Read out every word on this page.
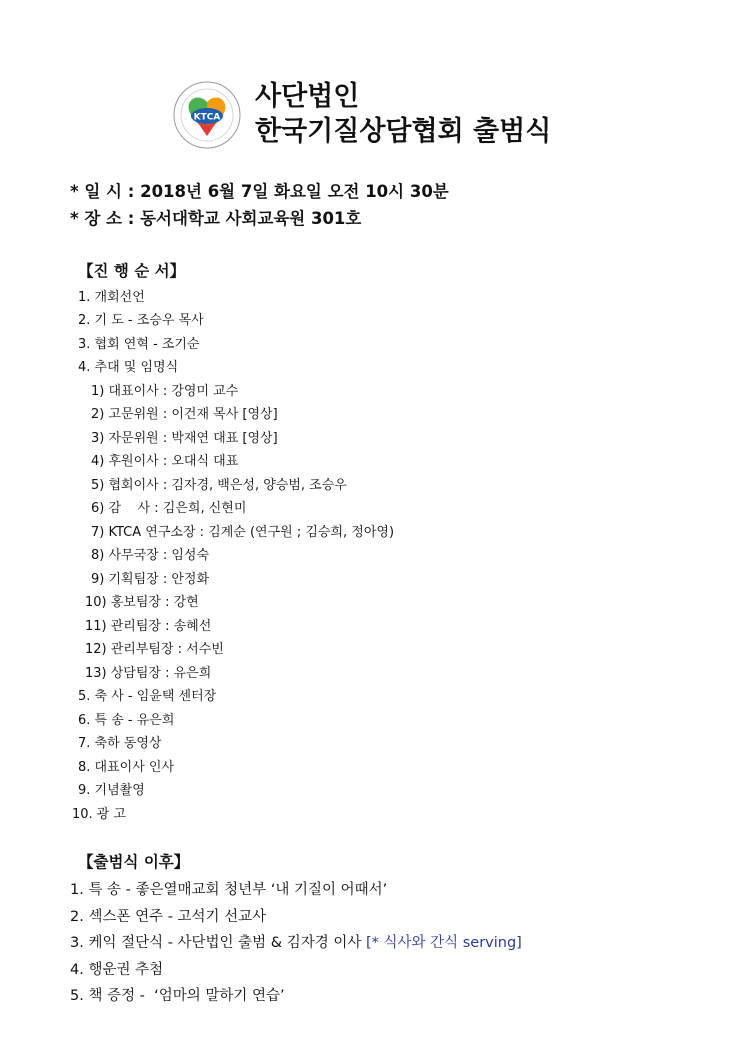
KTCA
사단법인
한국기질상담협회 출범식
* 일 시 : 2018년 6월 7일 화요일 오전 10시 30분
* 장 소 : 동서대학교 사회교육원 301호
【진 행 순 서】
1. 개회선언
2. 기 도 - 조승우 목사
3. 협회 연혁 - 조기순
4. 추대 및 임명식
1) 대표이사 : 강영미 교수
2) 고문위원 : 이건재 목사 [영상]
3) 자문위원 : 박재연 대표 [영상]
4) 후원이사 : 오대식 대표
5) 협회이사 : 김자경, 백은성, 양승범, 조승우
6) 감    사 : 김은희, 신현미
7) KTCA 연구소장 : 김계순 (연구원 ; 김승희, 정아영)
8) 사무국장 : 임성숙
9) 기획팀장 : 안정화
10) 홍보팀장 : 강현
11) 관리팀장 : 송혜선
12) 관리부팀장 : 서수빈
13) 상담팀장 : 유은희
5. 축 사 - 임윤택 센터장
6. 특 송 - 유은희
7. 축하 동영상
8. 대표이사 인사
9. 기념촬영
10. 광 고
【출범식 이후】
1. 특 송 - 좋은열매교회 청년부 ‘내 기질이 어때서’
2. 섹스폰 연주 - 고석기 선교사
3. 케익 절단식 - 사단법인 출범 & 김자경 이사 [* 식사와 간식 serving]
4. 행운권 추첨
5. 책 증정 -  ‘엄마의 말하기 연습’
